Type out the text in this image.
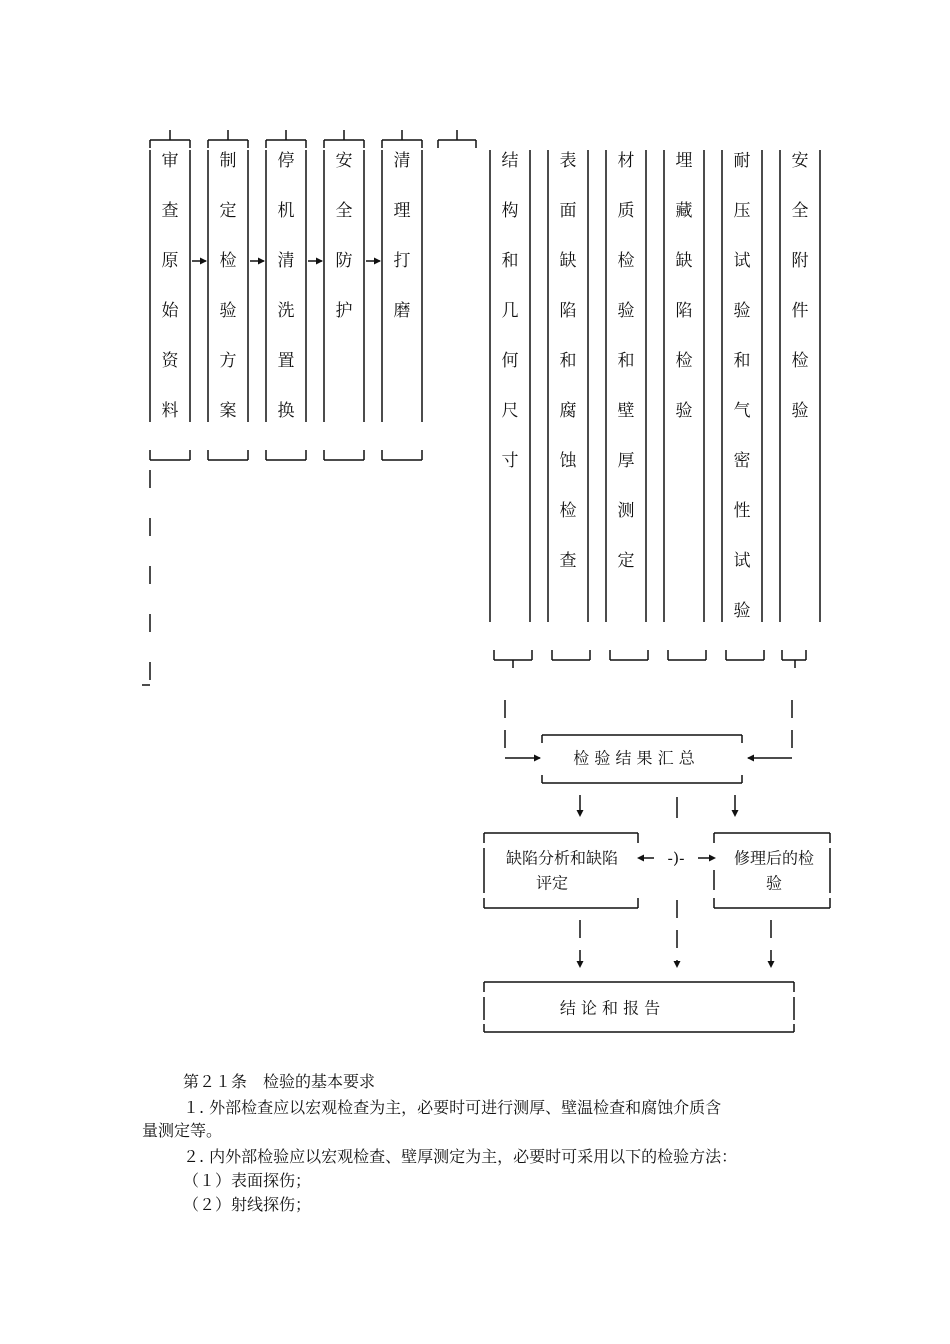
审
查
原
始
资
料
制
定
检
验
方
案
停
机
清
洗
置
换
安
全
防
护
清
理
打
磨
结
构
和
几
何
尺
寸
表
面
缺
陷
和
腐
蚀
检
查
材
质
检
验
和
壁
厚
测
定
埋
藏
缺
陷
检
验
耐
压
试
验
和
气
密
性
试
验
安
全
附
件
检
验
检 验 结 果 汇 总
缺陷分析和缺陷
评定
修理后的检
验
-)-
结 论 和 报 告

第２１条　检验的基本要求

１. 外部检查应以宏观检查为主，必要时可进行测厚、壁温检查和腐蚀介质含

量测定等。

２. 内外部检验应以宏观检查、壁厚测定为主，必要时可采用以下的检验方法：

（１）表面探伤；

（２）射线探伤；
